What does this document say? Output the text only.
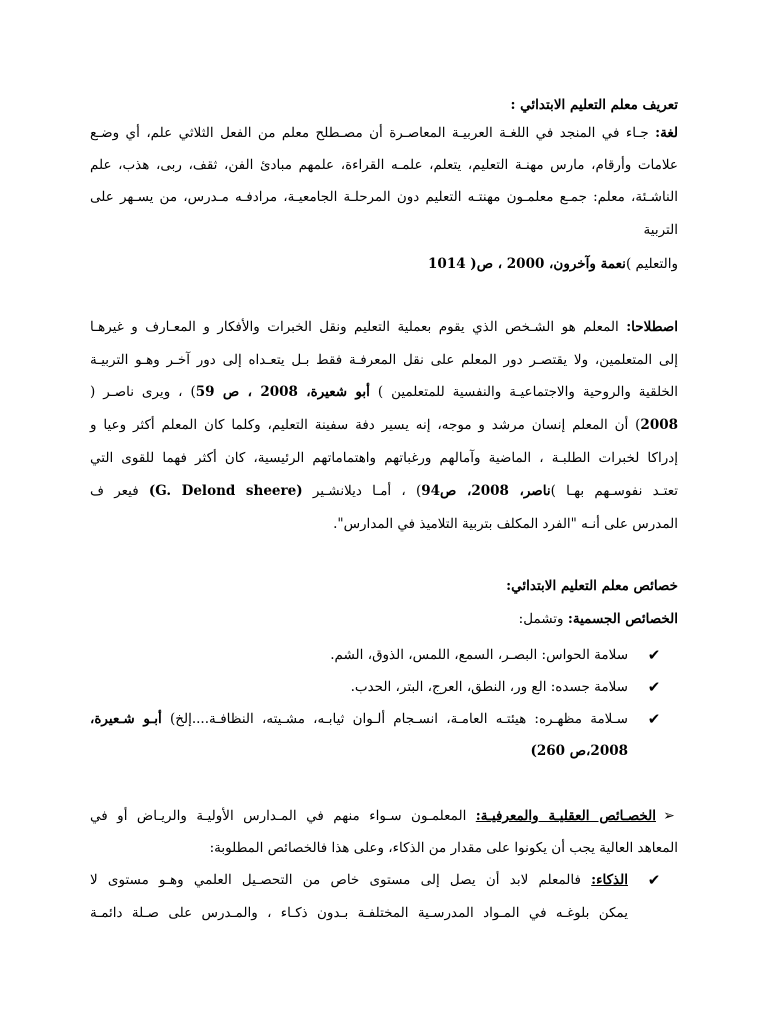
تعريف معلم التعليم الابتدائي :
لغة: جـاء في المنجد في اللغـة العربيـة المعاصـرة أن مصـطلح معلم من الفعل الثلاثي علم، أي وضـع
علامات وأرقام، مارس مهنـة التعليم، يتعلم، علمـه القراءة، علمهم مبادئ الفن، ثقف، ربى، هذب، علم
الناشـئة، معلم: جمـع معلمـون مهنتـه التعليم دون المرحلـة الجامعيـة، مرادفـه مـدرس، من يسـهر على
التربية
والتعليم )نعمة وآخرون، 2000 ، ص( 1014
اصطلاحا: المعلم هو الشـخص الذي يقوم بعملية التعليم ونقل الخبرات والأفكار و المعـارف و غيرهـا
إلى المتعلمين، ولا يقتصـر دور المعلم على نقل المعرفـة فقط بـل يتعـداه إلى دور آخـر وهـو التربيـة
الخلقية والروحية والاجتماعيـة والنفسية للمتعلمين ) أبو شعيرة، 2008 ، ص 59) ، ويرى ناصـر (
2008) أن المعلم إنسان مرشد و موجه، إنه يسير دفة سفينة التعليم، وكلما كان المعلم أكثر وعيا و
إدراكا لخبرات الطلبـة ، الماضية وآمالهم ورغباتهم واهتماماتهم الرئيسية، كان أكثر فهما للقوى التي
تعتـد نفوسـهم بهـا )ناصر، 2008، ص94) ، أمـا ديلانشـير (G. Delond sheere) فيعر ف
المدرس على أنـه "الفرد المكلف بتربية التلاميذ في المدارس".
خصائص معلم التعليم الابتدائي:
الخصائص الجسمية: وتشمل:
✔
سلامة الحواس: البصـر، السمع، اللمس، الذوق، الشم.
✔
سلامة جسده: الع ور، النطق، العرج، البتر، الحدب.
✔
سـلامة مظهـره: هيئتـه العامـة، انسـجام ألـوان ثيابـه، مشـيته، النظافـة....إلخ) أبـو شـعيرة،
2008،ص 260)
➢
الخصـائص العقليـة والمعرفيـة: المعلمـون سـواء منهم في المـدارس الأوليـة والريـاض أو في
المعاهد العالية يجب أن يكونوا على مقدار من الذكاء، وعلى هذا فالخصائص المطلوبة:
✔
الذكاء: فالمعلم لابد أن يصل إلى مستوى خاص من التحصـيل العلمي وهـو مستوى لا
يمكن بلوغـه في المـواد المدرسـية المختلفـة بـدون ذكـاء ، والمـدرس على صـلة دائمـة
